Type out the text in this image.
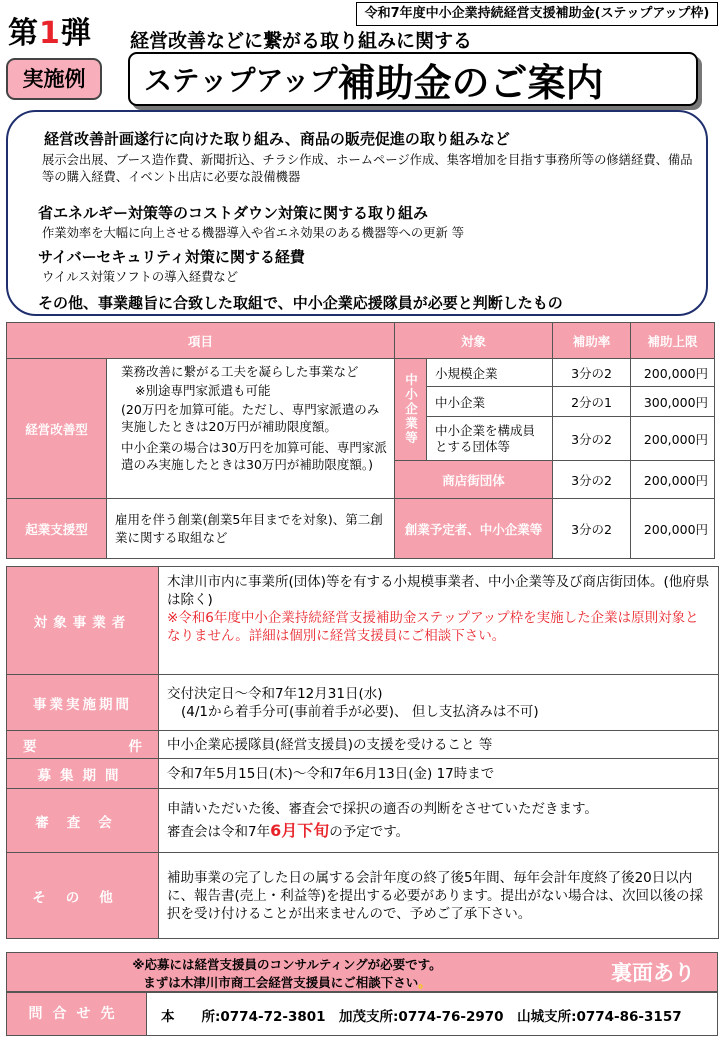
第1弾
令和7年度中小企業持続経営支援補助金(ステップアップ枠)
経営改善などに繋がる取り組みに関する
実施例	ステップアップ 補助金のご案内
経営改善計画遂行に向けた取り組み、商品の販売促進の取り組みなど
展示会出展、ブース造作費、新聞折込、チラシ作成、ホームページ作成、集客増加を目指す事務所等の修繕経費、備品等の購入経費、イベント出店に必要な設備機器
省エネルギー対策等のコストダウン対策に関する取り組み
作業効率を大幅に向上させる機器導入や省エネ効果のある機器等への更新 等
サイバーセキュリティ対策に関する経費
ウイルス対策ソフトの導入経費など
その他、事業趣旨に合致した取組で、中小企業応援隊員が必要と判断したもの
項目		対象		補助率	補助上限
経営改善型	業務改善に繋がる工夫を凝らした事業など
※別途専門家派遣も可能
(20万円を加算可能。ただし、専門家派遣のみ実施したときは20万円が補助限度額。
中小企業の場合は30万円を加算可能、専門家派遣のみ実施したときは30万円が補助限度額。)	中小企業等	小規模企業	3分の2	200,000円
			中小企業	2分の1	300,000円
			中小企業を構成員とする団体等	3分の2	200,000円
		商店街団体		3分の2	200,000円
起業支援型	雇用を伴う創業(創業5年目までを対象)、第二創業に関する取組など	創業予定者、中小企業等		3分の2	200,000円
対象事業者	木津川市内に事業所(団体)等を有する小規模事業者、中小企業等及び商店街団体。(他府県は除く)
※令和6年度中小企業持続経営支援補助金ステップアップ枠を実施した企業は原則対象となりません。詳細は個別に経営支援員にご相談下さい。

事業実施期間	交付決定日～令和7年12月31日(水)
(4/1から着手分可(事前着手が必要)、 但し支払済みは不可)

要 件	中小企業応援隊員(経営支援員)の支援を受けること 等
募集期間	令和7年5月15日(木)～令和7年6月13日(金) 17時まで
審査会	申請いただいた後、審査会で採択の適否の判断をさせていただきます。
審査会は令和7年6月下旬の予定です。

その他	補助事業の完了した日の属する会計年度の終了後5年間、毎年会計年度終了後20日以内に、報告書(売上・利益等)を提出する必要があります。提出がない場合は、次回以後の採択を受け付けることが出来ませんので、予めご了承下さい。
※応募には経営支援員のコンサルティングが必要です。
まずは木津川市商工会経営支援員にご相談下さい。	裏面あり
問合せ先	本　　所:0774-72-3801　加茂支所:0774-76-2970　山城支所:0774-86-3157
